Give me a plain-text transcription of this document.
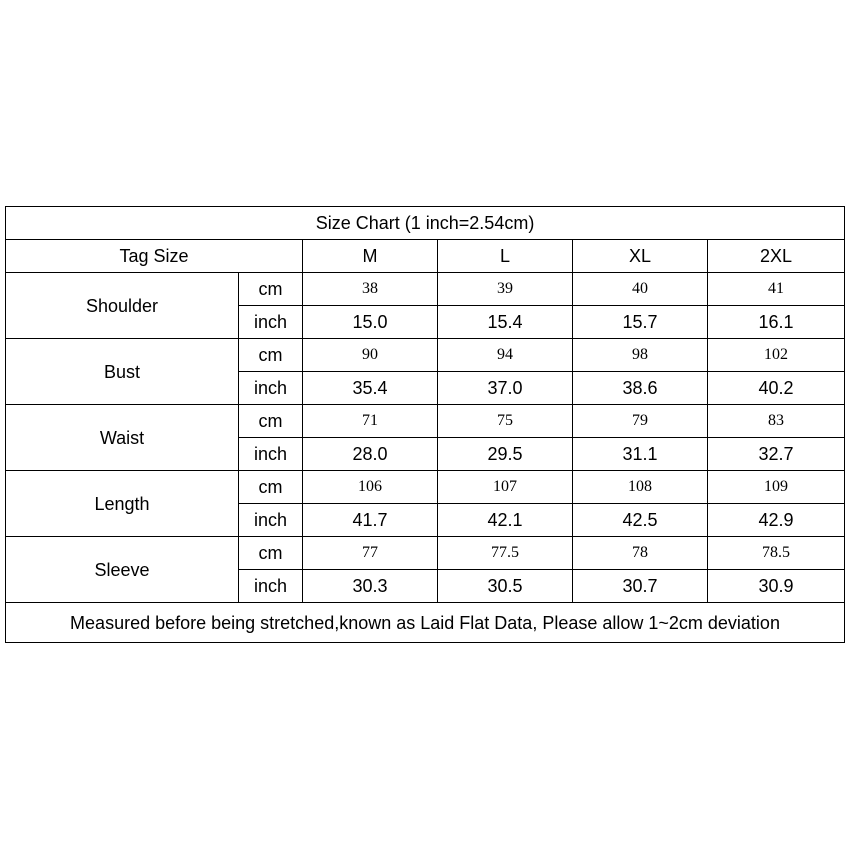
Size Chart (1 inch=2.54cm)					
Tag Size		M	L	XL	2XL
Shoulder	cm	38	39	40	41
	inch	15.0	15.4	15.7	16.1
Bust	cm	90	94	98	102
	inch	35.4	37.0	38.6	40.2
Waist	cm	71	75	79	83
	inch	28.0	29.5	31.1	32.7
Length	cm	106	107	108	109
	inch	41.7	42.1	42.5	42.9
Sleeve	cm	77	77.5	78	78.5
	inch	30.3	30.5	30.7	30.9
Measured before being stretched,known as Laid Flat Data, Please allow 1~2cm deviation					
